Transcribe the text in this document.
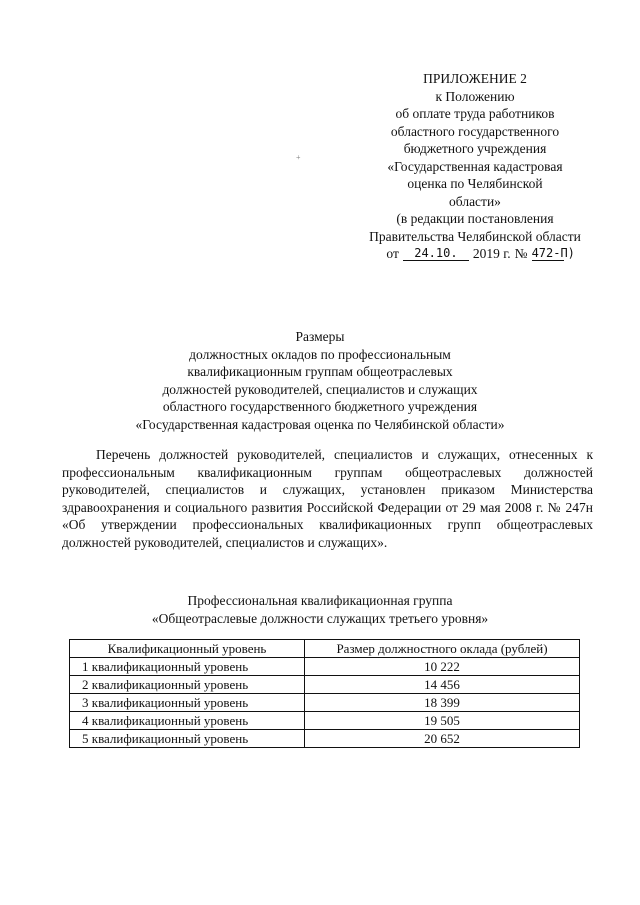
ПРИЛОЖЕНИЕ 2
к Положению
об оплате труда работников
областного государственного
бюджетного учреждения
«Государственная кадастровая
оценка по Челябинской
области»
(в редакции постановления
Правительства Челябинской области
от	24.10.	2019 г. № 472-П)
+
Размеры
должностных окладов по профессиональным
квалификационным группам общеотраслевых
должностей руководителей, специалистов и служащих
областного государственного бюджетного учреждения
«Государственная кадастровая оценка по Челябинской области»
Перечень должностей руководителей, специалистов и служащих, отнесенных к профессиональным квалификационным группам общеотраслевых должностей руководителей, специалистов и служащих, установлен приказом Министерства здравоохранения и социального развития Российской Федерации от 29 мая 2008 г. № 247н «Об утверждении профессиональных квалификационных групп общеотраслевых должностей руководителей, специалистов и служащих».
Профессиональная квалификационная группа
«Общеотраслевые должности служащих третьего уровня»
Квалификационный уровень	Размер должностного оклада (рублей)
1 квалификационный уровень	10 222
2 квалификационный уровень	14 456
3 квалификационный уровень	18 399
4 квалификационный уровень	19 505
5 квалификационный уровень	20 652
